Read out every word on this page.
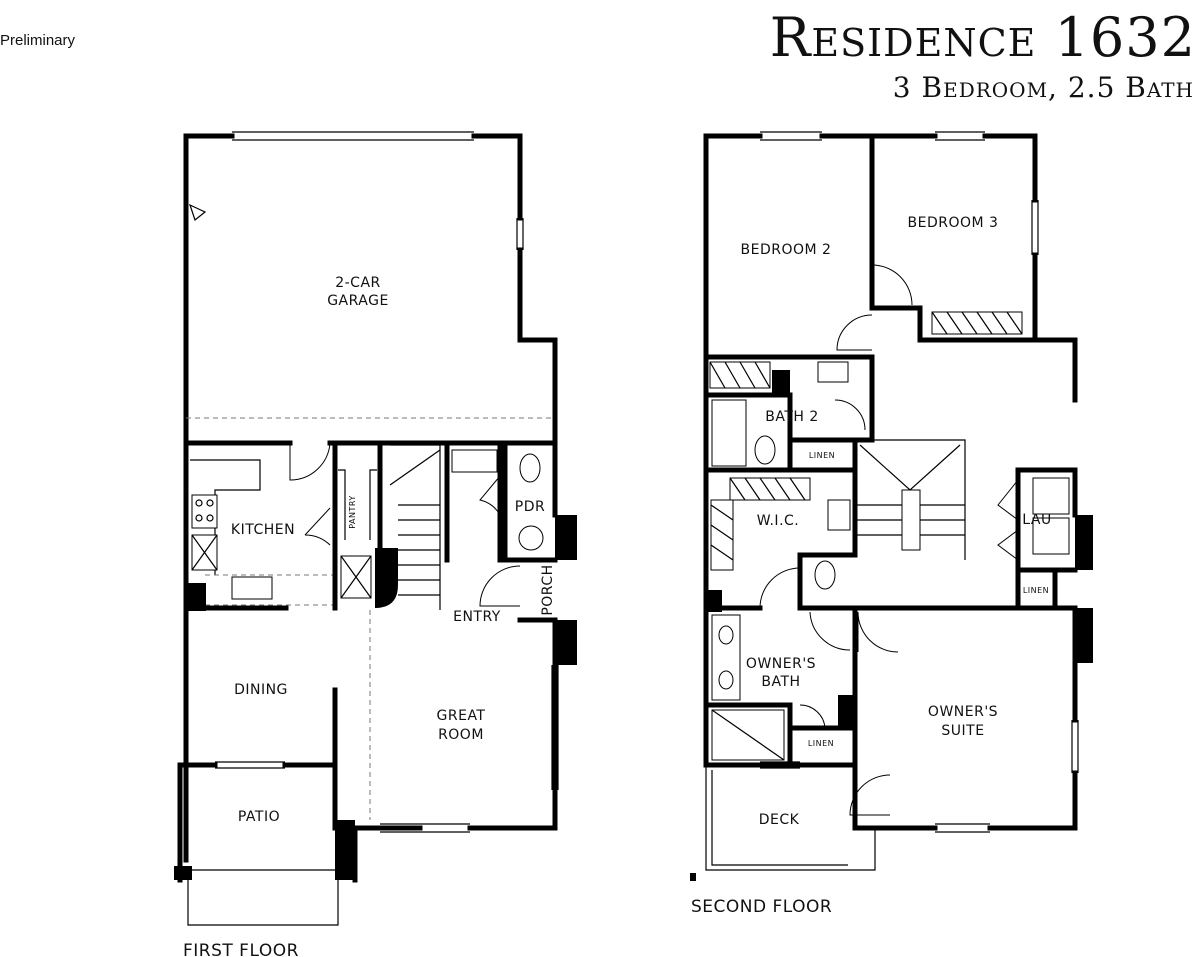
Preliminary	Residence 1632
3 Bedroom, 2.5 Bath
2-CAR
GARAGE
KITCHEN
PANTRY	PDR
PORCH
ENTRY
DINING
GREAT
ROOM
PATIO
FIRST FLOOR
BEDROOM 2
BEDROOM 3
BATH 2
LINEN
W.I.C.	LAU
LINEN
OWNER'S
BATH
LINEN
OWNER'S
SUITE
DECK
SECOND FLOOR
